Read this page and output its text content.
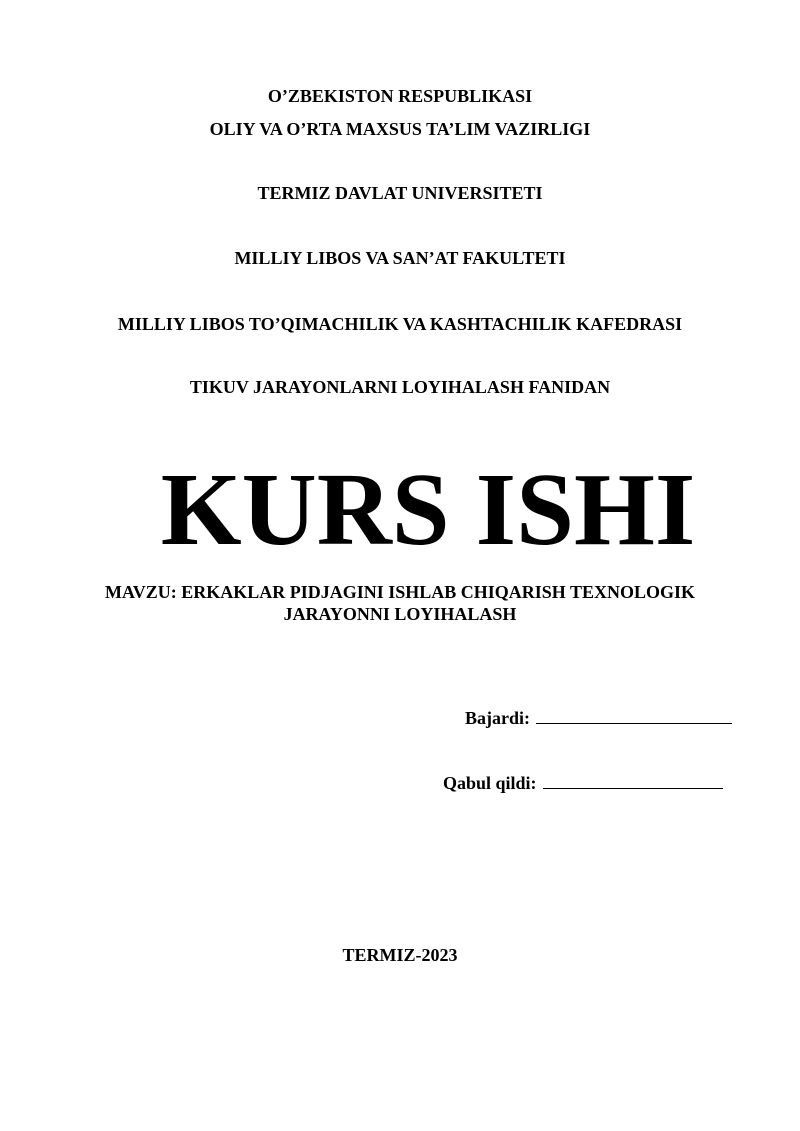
O’ZBEKISTON RESPUBLIKASI
OLIY VA O’RTA MAXSUS TA’LIM VAZIRLIGI
TERMIZ DAVLAT UNIVERSITETI
MILLIY LIBOS VA SAN’AT FAKULTETI
MILLIY LIBOS TO’QIMACHILIK VA KASHTACHILIK KAFEDRASI
TIKUV JARAYONLARNI LOYIHALASH FANIDAN
KURS ISHI
MAVZU: ERKAKLAR PIDJAGINI ISHLAB CHIQARISH TEXNOLOGIK
JARAYONNI LOYIHALASH
Bajardi:
Qabul qildi:
TERMIZ-2023
